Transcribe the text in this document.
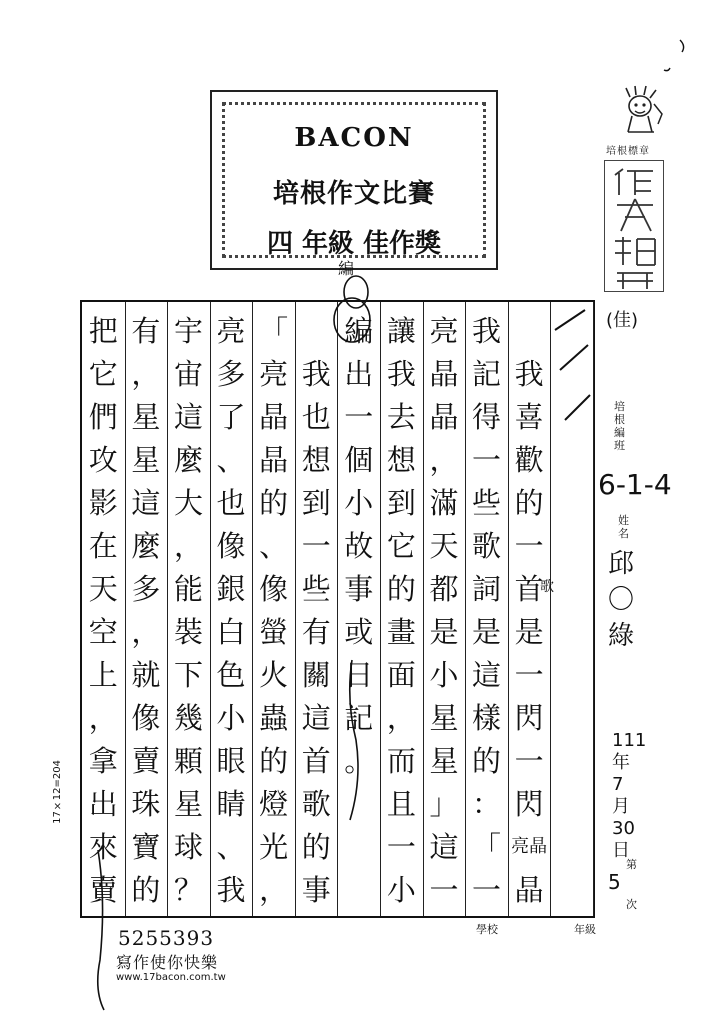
BACON
培根作文比賽
四 年級 佳作獎
培根標章
我
喜
歡
的
一
首
是
一
閃
一
閃
亮晶
晶
我
記
得
一
些
歌
詞
是
這
樣
的
：
「
一
亮
晶
晶
，
滿
天
都
是
小
星
星
」
這
一
讓
我
去
想
到
它
的
畫
面
，
而
且
一
小
編
出
一
個
小
故
事
或
日
記
。
我
也
想
到
一
些
有
關
這
首
歌
的
事
「
亮
晶
晶
的
、
像
螢
火
蟲
的
燈
光
，
亮
多
了
、
也
像
銀
白
色
小
眼
睛
、
我
宇
宙
這
麼
大
，
能
裝
下
幾
顆
星
球
？
有
，
星
星
這
麼
多
，
就
像
賣
珠
寶
的
把
它
們
攻
影
在
天
空
上
，
拿
出
來
賣
(佳)
編
歌
培根編班
6-1-4
姓名
邱〇綠
111年7月30日
第
5
次
學校	年級
5255393
寫作使你快樂
www.17bacon.com.tw
17×12=204
